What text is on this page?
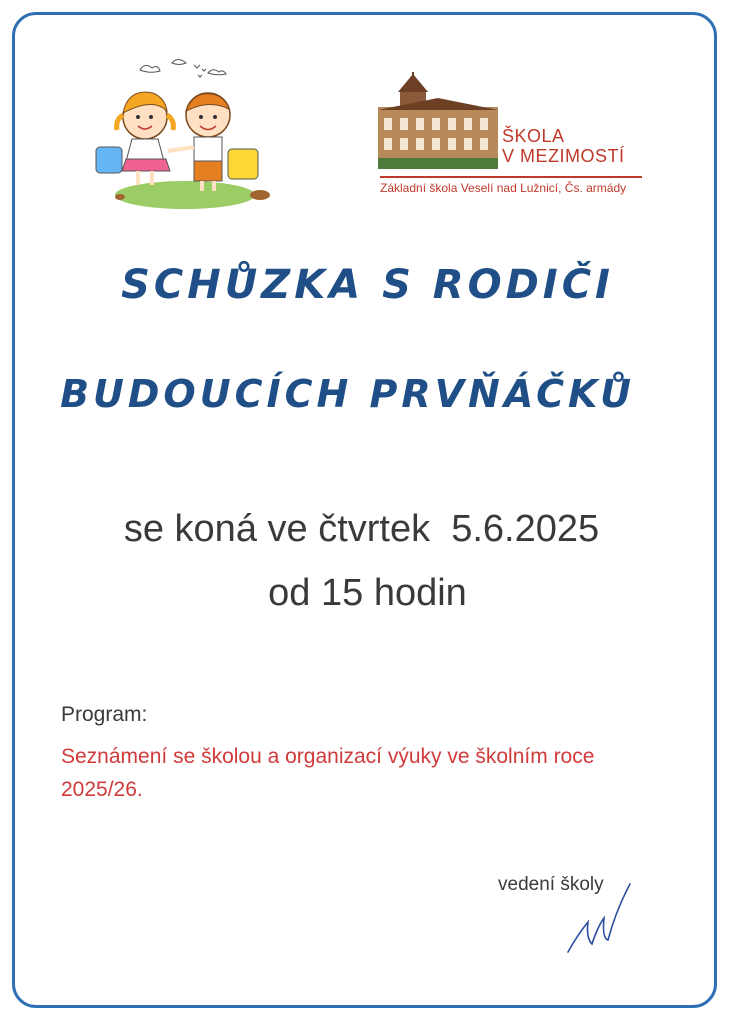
ŠKOLA
V MEZIMOSTÍ
Základní škola Veselí nad Lužnicí, Čs. armády
SCHŮZKA S RODIČI
BUDOUCÍCH PRVŇÁČKŮ
se koná ve čtvrtek  5.6.2025
od 15 hodin
Program:
Seznámení se školou a organizací výuky ve školním roce 2025/26.
vedení školy
